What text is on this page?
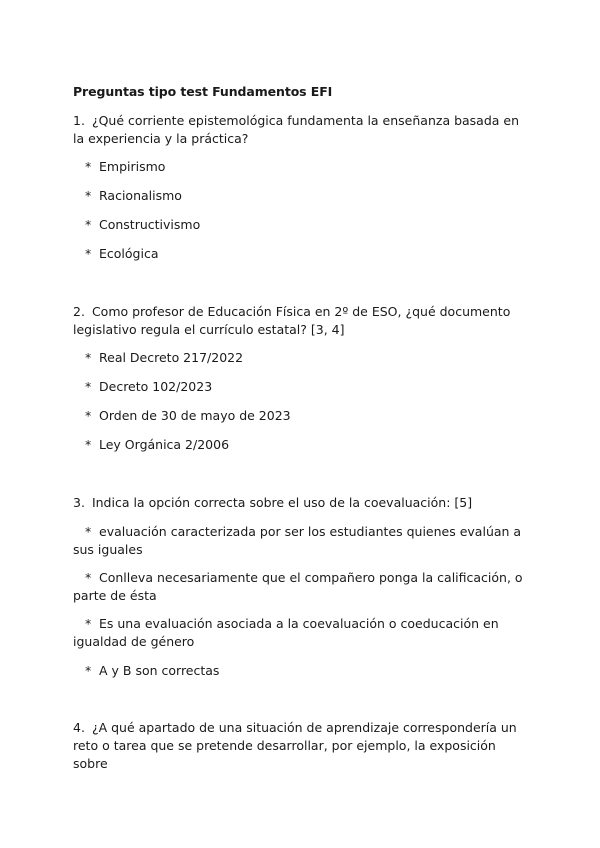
Preguntas tipo test Fundamentos EFI
1. ¿Qué corriente epistemológica fundamenta la enseñanza basada en la experiencia y la práctica?
* Empirismo
* Racionalismo
* Constructivismo
* Ecológica
2. Como profesor de Educación Física en 2º de ESO, ¿qué documento legislativo regula el currículo estatal? [3, 4]
* Real Decreto 217/2022
* Decreto 102/2023
* Orden de 30 de mayo de 2023
* Ley Orgánica 2/2006
3. Indica la opción correcta sobre el uso de la coevaluación: [5]
* evaluación caracterizada por ser los estudiantes quienes evalúan a sus iguales
* Conlleva necesariamente que el compañero ponga la calificación, o parte de ésta
* Es una evaluación asociada a la coevaluación o coeducación en igualdad de género
* A y B son correctas
4. ¿A qué apartado de una situación de aprendizaje correspondería un reto o tarea que se pretende desarrollar, por ejemplo, la exposición sobre
